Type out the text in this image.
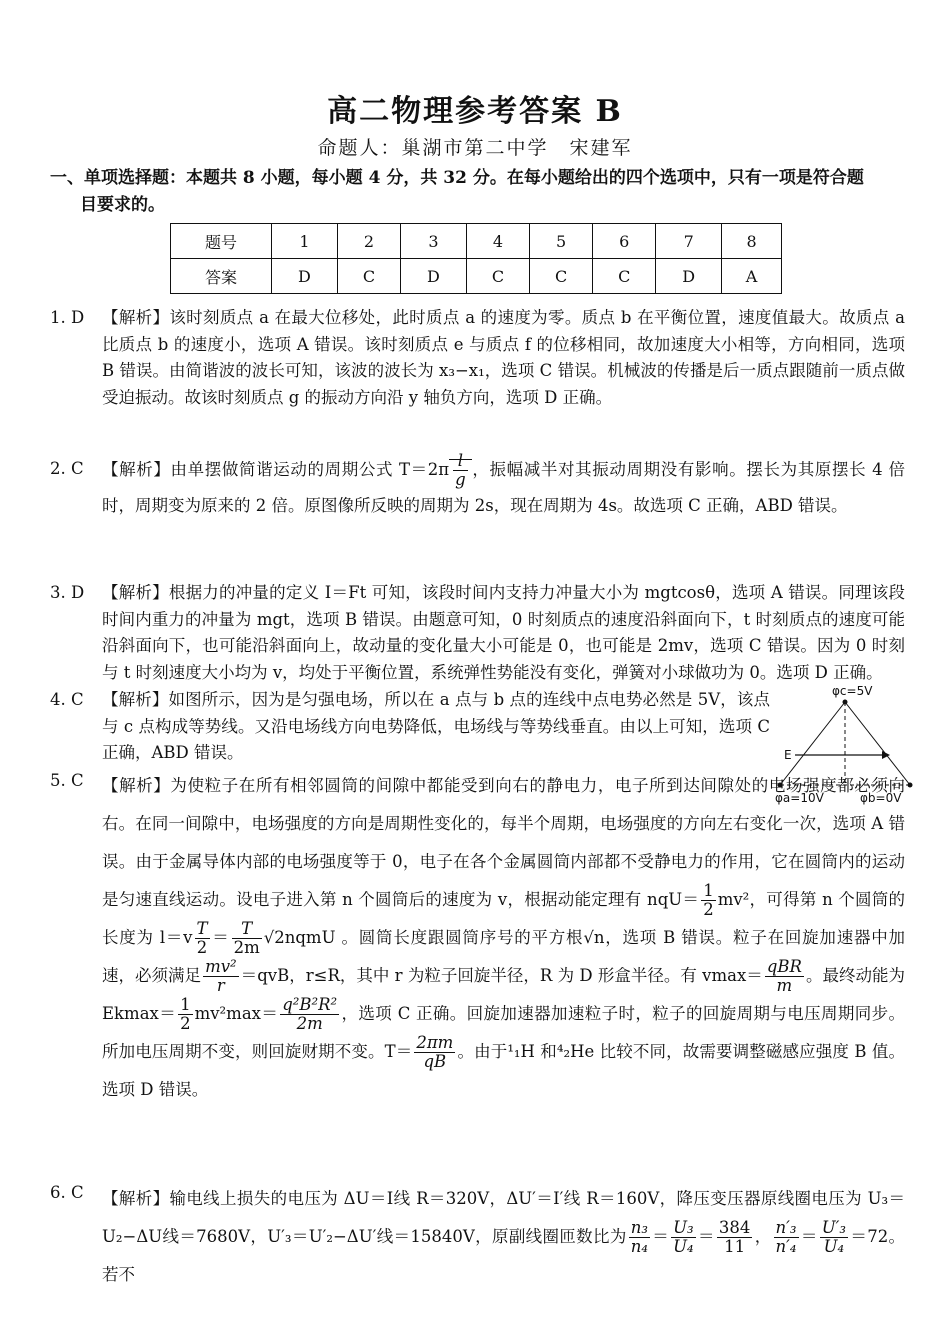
高二物理参考答案 B
命题人：巢湖市第二中学　宋建军
一、单项选择题：本题共 8 小题，每小题 4 分，共 32 分。在每小题给出的四个选项中，只有一项是符合题
目要求的。
题号	1	2	3	4	5	6	7	8
答案	D	C	D	C	C	C	D	A
1. D	【解析】该时刻质点 a 在最大位移处，此时质点 a 的速度为零。质点 b 在平衡位置，速度值最大。故质点 a 比质点 b 的速度小，选项 A 错误。该时刻质点 e 与质点 f 的位移相同，故加速度大小相等，方向相同，选项 B 错误。由简谐波的波长可知，该波的波长为 x₃−x₁，选项 C 错误。机械波的传播是后一质点跟随前一质点做受迫振动。故该时刻质点 g 的振动方向沿 y 轴负方向，选项 D 正确。
2. C	【解析】由单摆做简谐运动的周期公式 $T=2\pi \frac{l}{g}$ ，振幅减半对其振动周期没有影响。摆长为其原摆长 4 倍时，周期变为原来的 2 倍。原图像所反映的周期为 2s，现在周期为 4s。故选项 C 正确，ABD 错误。
3. D	【解析】根据力的冲量的定义 I＝Ft 可知，该段时间内支持力冲量大小为 mgtcosθ，选项 A 错误。同理该段时间内重力的冲量为 mgt，选项 B 错误。由题意可知，0 时刻质点的速度沿斜面向下，t 时刻质点的速度可能沿斜面向下，也可能沿斜面向上，故动量的变化量大小可能是 0，也可能是 2mv，选项 C 错误。因为 0 时刻与 t 时刻速度大小均为 v，均处于平衡位置，系统弹性势能没有变化，弹簧对小球做功为 0。选项 D 正确。
4. C	【解析】如图所示，因为是匀强电场，所以在 a 点与 b 点的连线中点电势必然是 5V，该点与 c 点构成等势线。又沿电场线方向电势降低，电场线与等势线垂直。由以上可知，选项 C 正确，ABD 错误。
φc=5V
E
φa=10V	φb=0V
5. C	【解析】为使粒子在所有相邻圆筒的间隙中都能受到向右的静电力，电子所到达间隙处的电场强度都必须向右。在同一间隙中，电场强度的方向是周期性变化的，每半个周期，电场强度的方向左右变化一次，选项 A 错误。由于金属导体内部的电场强度等于 0，电子在各个金属圆筒内部都不受静电力的作用，它在圆筒内的运动是匀速直线运动。设电子进入第 n 个圆筒后的速度为 v，根据动能定理有 $nqU= \frac{1}{2} mv^2$，可得第 n 个圆筒的长度为 $l=v \frac{T}{2} = \frac{T}{2m}$ √2nqmU 。圆筒长度跟圆筒序号的平方根√n，选项 B 错误。粒子在回旋加速器中加速，必须满足 $\frac{\text{mv²}}{r} =qvB$，r≤R，其中 r 为粒子回旋半径，R 为 D 形盒半径。有 $vmax= \frac{\text{qBR}}{m}$ 。最终动能为 $Ekmax= \frac{1}{2} mv^2\max= \frac{\text{q²B²R²}}{2m}$ ，选项 C 正确。回旋加速器加速粒子时，粒子的回旋周期与电压周期同步。所加电压周期不变，则回旋财期不变。$T= \frac{2\pi m}{qB}$ 。由于¹₁H 和⁴₂He 比较不同，故需要调整磁感应强度 B 值。选项 D 错误。
6. C	【解析】输电线上损失的电压为 ΔU＝I线 R＝320V，ΔU′＝I′线 R＝160V，降压变压器原线圈电压为 U₃＝U₂−ΔU线＝7680V，U′₃＝U′₂−ΔU′线＝15840V，原副线圈匝数比为 $\frac{\text{n₃}}{\text{n₄}} = \frac{\text{U₃}}{\text{U₄}} = \frac{384}{11}$ ， $\frac{\text{n′₃}}{\text{n′₄}} = \frac{\text{U′₃}}{\text{U₄}} =72$。若不
